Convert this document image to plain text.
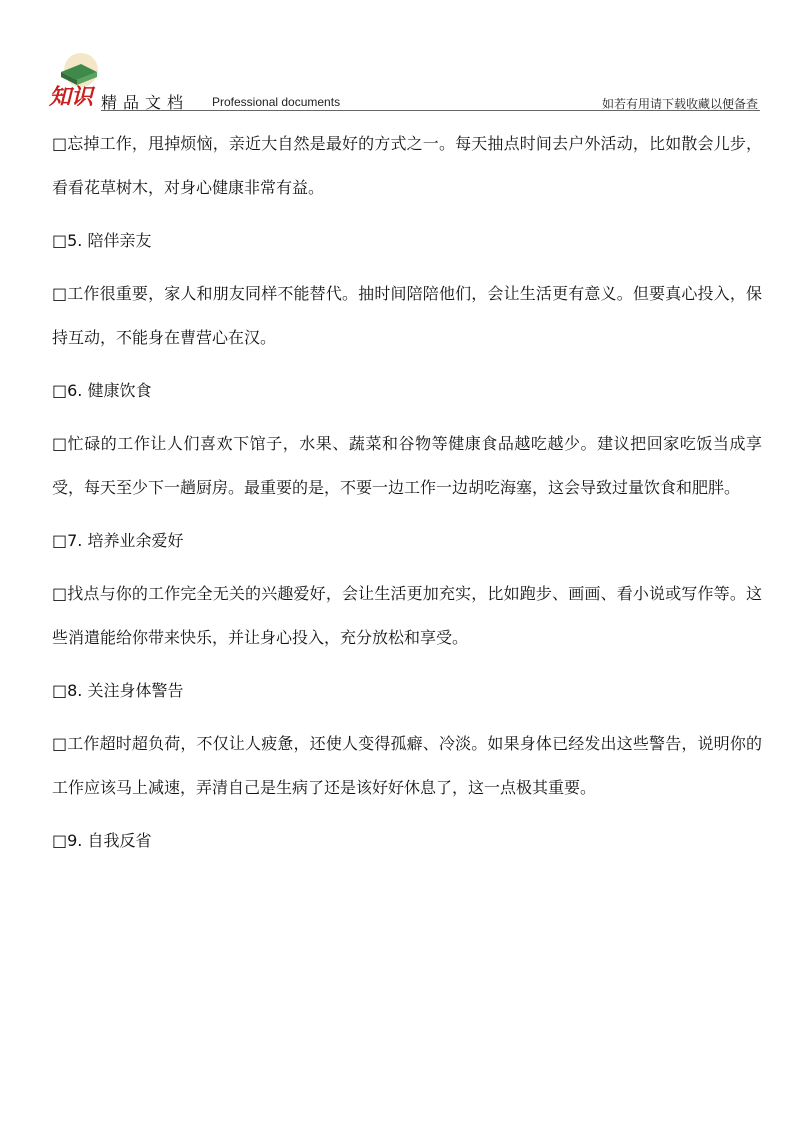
知识 精品文档 Professional documents	如若有用请下载收藏以便备查

□忘掉工作，甩掉烦恼，亲近大自然是最好的方式之一。每天抽点时间去户外活动，比如散会儿步，看看花草树木，对身心健康非常有益。

□5. 陪伴亲友

□工作很重要，家人和朋友同样不能替代。抽时间陪陪他们，会让生活更有意义。但要真心投入，保持互动，不能身在曹营心在汉。

□6. 健康饮食

□忙碌的工作让人们喜欢下馆子，水果、蔬菜和谷物等健康食品越吃越少。建议把回家吃饭当成享受，每天至少下一趟厨房。最重要的是，不要一边工作一边胡吃海塞，这会导致过量饮食和肥胖。

□7. 培养业余爱好

□找点与你的工作完全无关的兴趣爱好，会让生活更加充实，比如跑步、画画、看小说或写作等。这些消遣能给你带来快乐，并让身心投入，充分放松和享受。

□8. 关注身体警告

□工作超时超负荷，不仅让人疲惫，还使人变得孤癖、冷淡。如果身体已经发出这些警告，说明你的工作应该马上减速，弄清自己是生病了还是该好好休息了，这一点极其重要。

□9. 自我反省
